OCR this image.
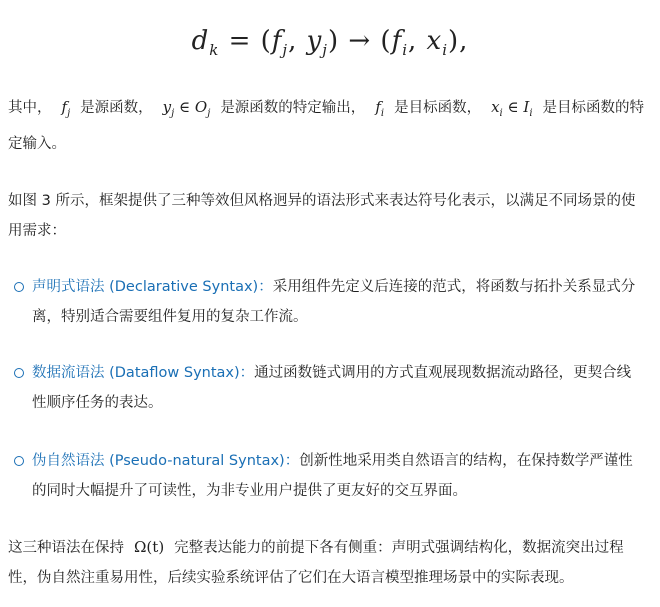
$d_k = (f_j$, $y_j) \to (f_i$, $x_i$),
其中， $f_j$ 是源函数， $y_j$ ∈ $O_j$ 是源函数的特定输出， $f_i$ 是目标函数， $x_i$ ∈ $I_i$ 是目标函数的特定输入。
如图 3 所示，框架提供了三种等效但风格迥异的语法形式来表达符号化表示，以满足不同场景的使用需求：
声明式语法 (Declarative Syntax)：采用组件先定义后连接的范式，将函数与拓扑关系显式分离，特别适合需要组件复用的复杂工作流。
数据流语法 (Dataflow Syntax)：通过函数链式调用的方式直观展现数据流动路径，更契合线性顺序任务的表达。
伪自然语法 (Pseudo-natural Syntax)：创新性地采用类自然语言的结构，在保持数学严谨性的同时大幅提升了可读性，为非专业用户提供了更友好的交互界面。
这三种语法在保持 Ω(t) 完整表达能力的前提下各有侧重：声明式强调结构化，数据流突出过程性，伪自然注重易用性，后续实验系统评估了它们在大语言模型推理场景中的实际表现。
